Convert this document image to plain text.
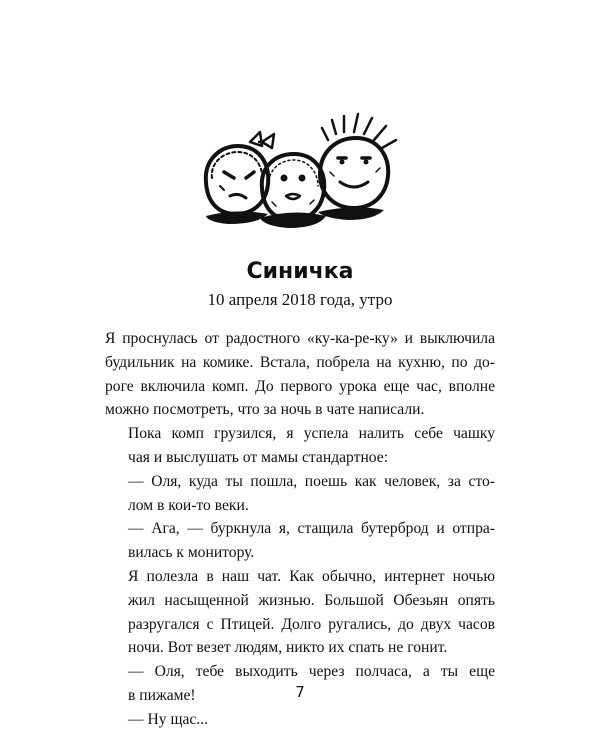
Синичка
10 апреля 2018 года, утро

Я проснулась от радостного «ку-ка-ре-ку» и выключила
будильник на комике. Встала, побрела на кухню, по до-
роге включила комп. До первого урока еще час, вполне
можно посмотреть, что за ночь в чате написали.

Пока комп грузился, я успела налить себе чашку
чая и выслушать от мамы стандартное:

— Оля, куда ты пошла, поешь как человек, за сто-
лом в кои-то веки.

— Ага, — буркнула я, стащила бутерброд и отпра-
вилась к монитору.

Я полезла в наш чат. Как обычно, интернет ночью
жил насыщенной жизнью. Большой Обезьян опять
разругался с Птицей. Долго ругались, до двух часов
ночи. Вот везет людям, никто их спать не гонит.

— Оля, тебе выходить через полчаса, а ты еще
в пижаме!

— Ну щас...

7
